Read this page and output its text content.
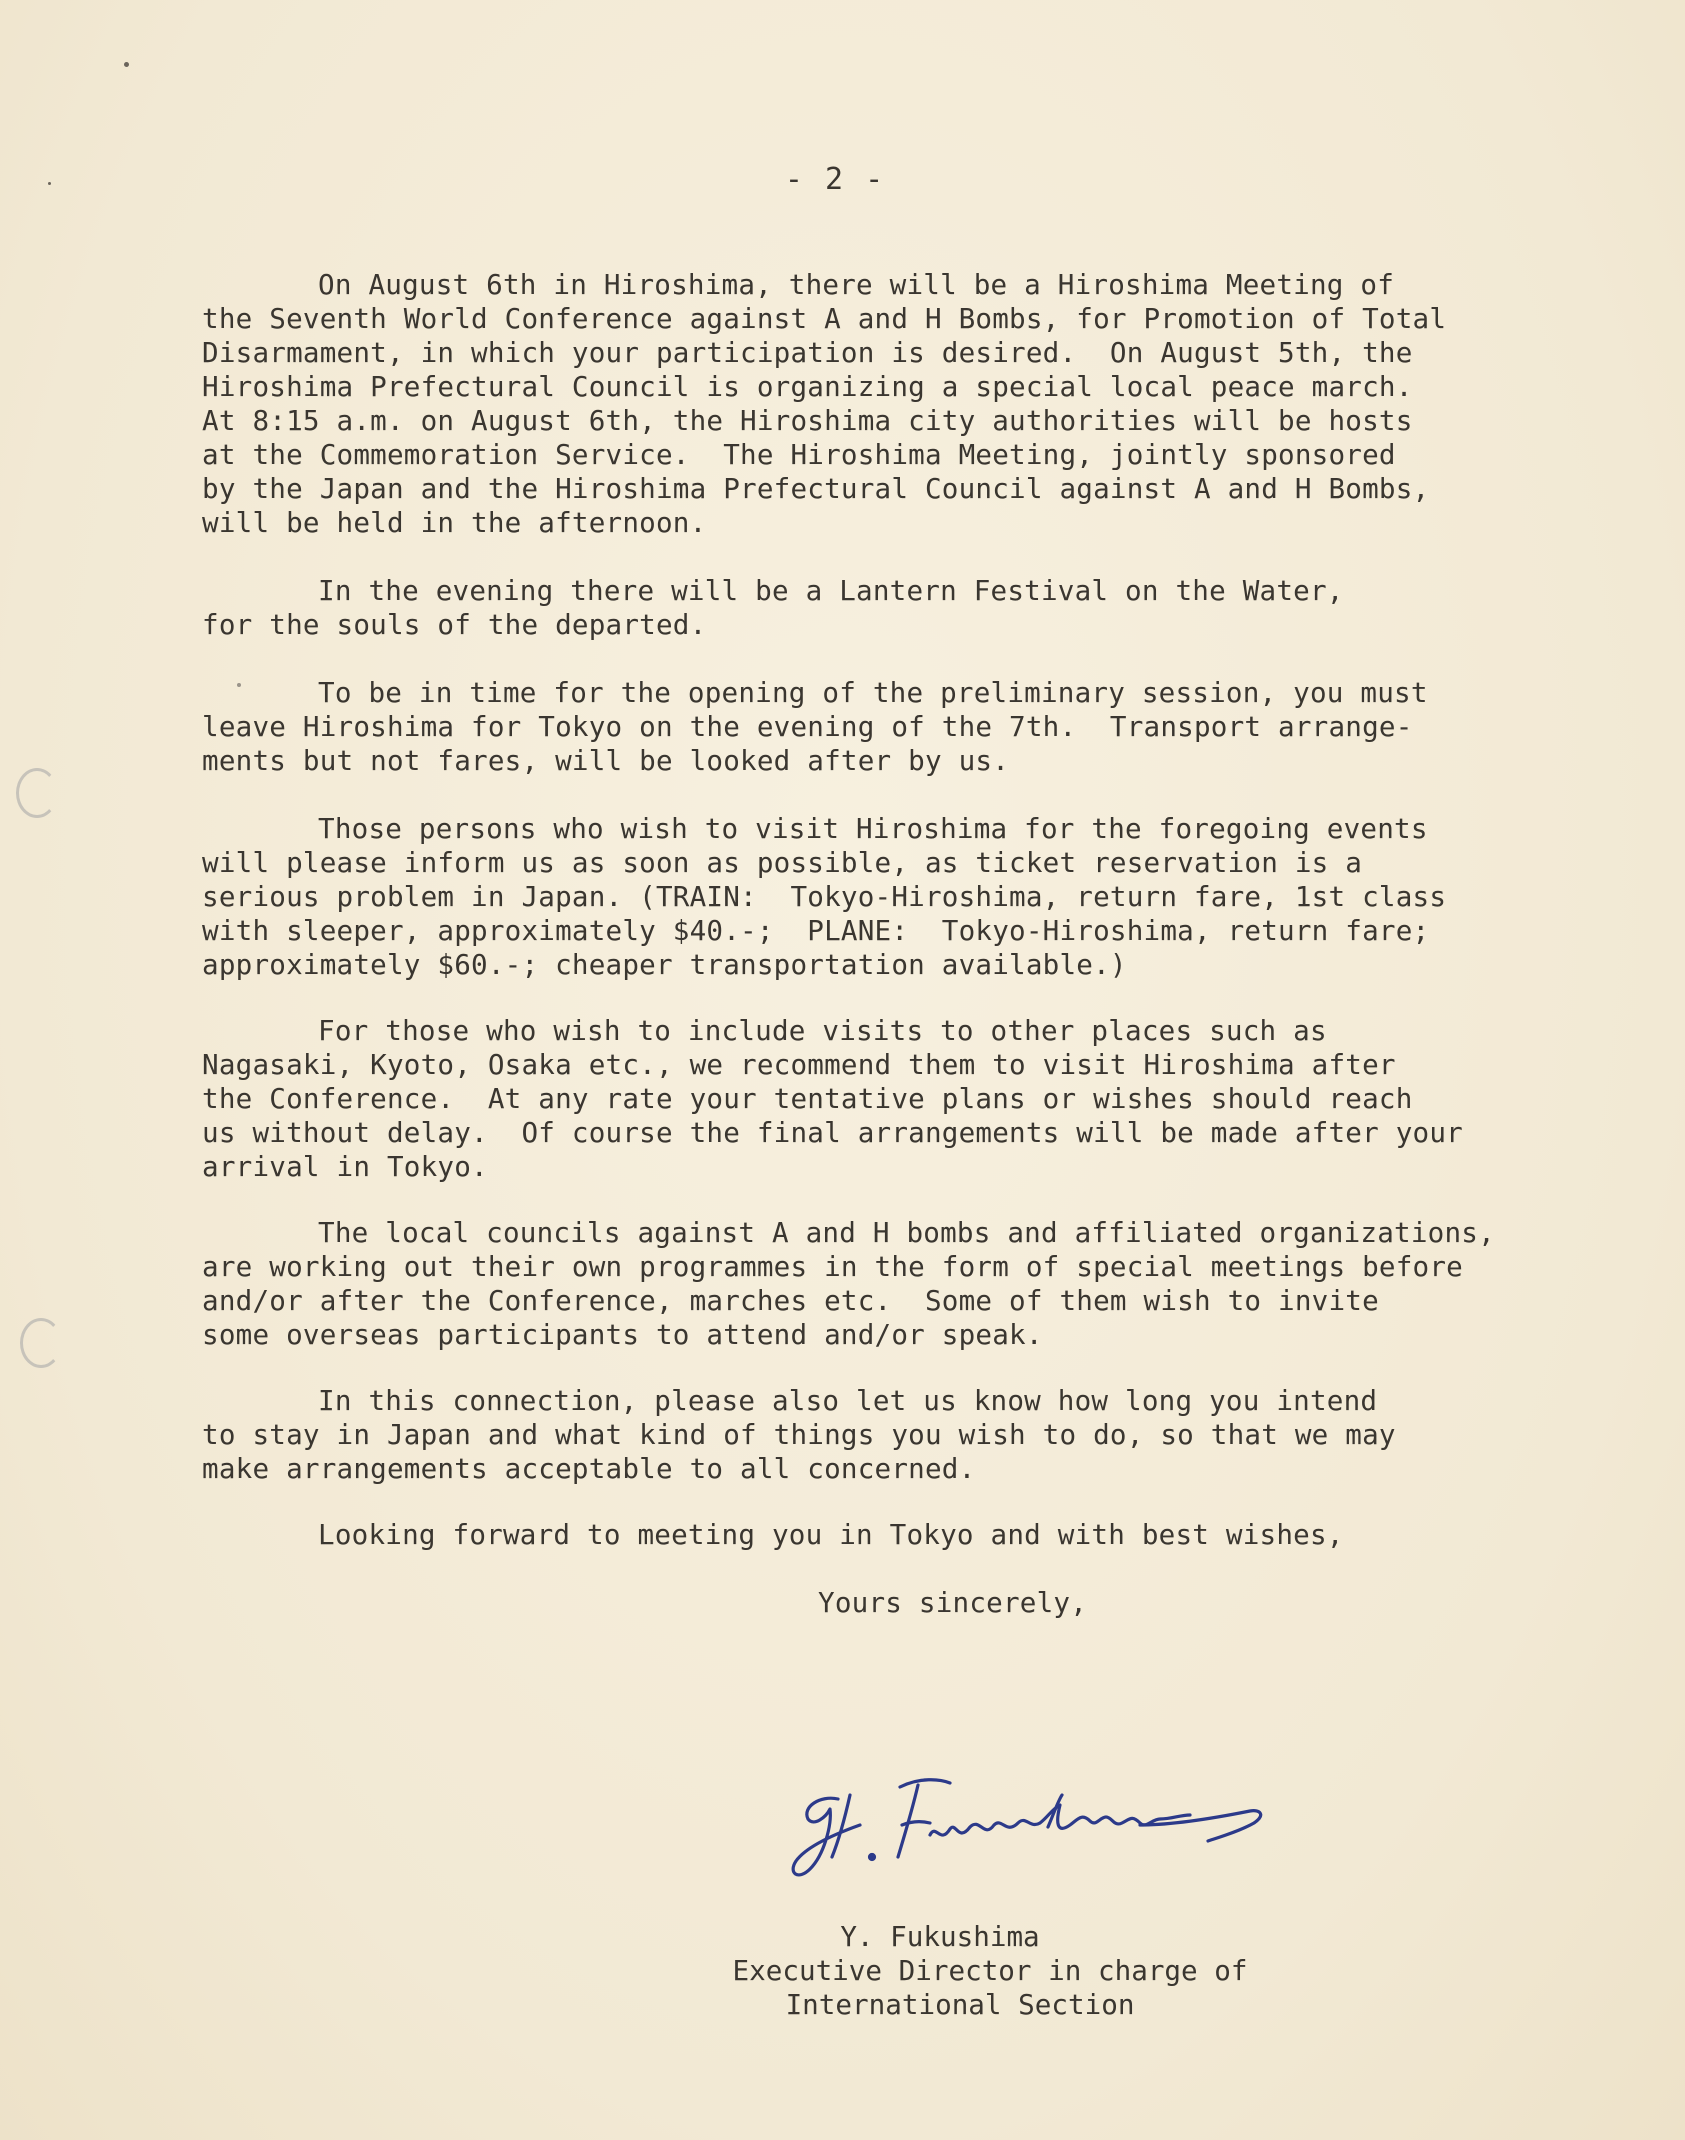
- 2 -
On August 6th in Hiroshima, there will be a Hiroshima Meeting of
the Seventh World Conference against A and H Bombs, for Promotion of Total
Disarmament, in which your participation is desired.  On August 5th, the
Hiroshima Prefectural Council is organizing a special local peace march.
At 8:15 a.m. on August 6th, the Hiroshima city authorities will be hosts
at the Commemoration Service.  The Hiroshima Meeting, jointly sponsored
by the Japan and the Hiroshima Prefectural Council against A and H Bombs,
will be held in the afternoon.
In the evening there will be a Lantern Festival on the Water,
for the souls of the departed.
To be in time for the opening of the preliminary session, you must
leave Hiroshima for Tokyo on the evening of the 7th.  Transport arrange-
ments but not fares, will be looked after by us.
Those persons who wish to visit Hiroshima for the foregoing events
will please inform us as soon as possible, as ticket reservation is a
serious problem in Japan. (TRAIN:  Tokyo-Hiroshima, return fare, 1st class
with sleeper, approximately $40.-;  PLANE:  Tokyo-Hiroshima, return fare;
approximately $60.-; cheaper transportation available.)
For those who wish to include visits to other places such as
Nagasaki, Kyoto, Osaka etc., we recommend them to visit Hiroshima after
the Conference.  At any rate your tentative plans or wishes should reach
us without delay.  Of course the final arrangements will be made after your
arrival in Tokyo.
The local councils against A and H bombs and affiliated organizations,
are working out their own programmes in the form of special meetings before
and/or after the Conference, marches etc.  Some of them wish to invite
some overseas participants to attend and/or speak.
In this connection, please also let us know how long you intend
to stay in Japan and what kind of things you wish to do, so that we may
make arrangements acceptable to all concerned.
Looking forward to meeting you in Tokyo and with best wishes,
Yours sincerely,
Y. Fukushima
Executive Director in charge of
International Section
